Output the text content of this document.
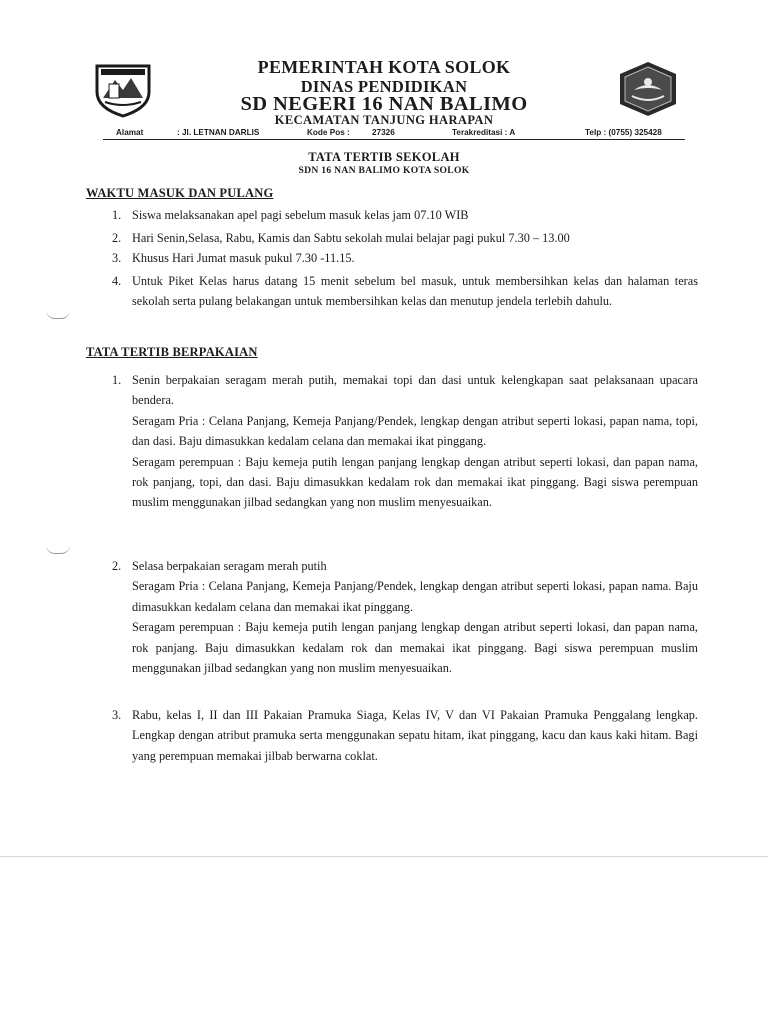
PEMERINTAH KOTA SOLOK
DINAS PENDIDIKAN
SD NEGERI 16 NAN BALIMO
KECAMATAN TANJUNG HARAPAN
Alamat	: Jl. LETNAN DARLIS	Kode Pos :	27326	Terakreditasi : A	Telp : (0755) 325428
TATA TERTIB SEKOLAH
SDN 16 NAN BALIMO KOTA SOLOK
WAKTU MASUK DAN PULANG
1. Siswa melaksanakan apel pagi sebelum masuk kelas jam 07.10 WIB
2. Hari Senin,Selasa, Rabu, Kamis dan Sabtu sekolah mulai belajar pagi pukul 7.30 – 13.00
3. Khusus Hari Jumat masuk pukul 7.30 -11.15.
4. Untuk Piket Kelas harus datang 15 menit sebelum bel masuk, untuk membersihkan kelas dan halaman teras sekolah serta pulang belakangan untuk membersihkan kelas dan menutup jendela terlebih dahulu.
TATA TERTIB BERPAKAIAN
1. Senin berpakaian seragam merah putih, memakai topi dan dasi untuk kelengkapan saat pelaksanaan upacara bendera.
Seragam Pria : Celana Panjang, Kemeja Panjang/Pendek, lengkap dengan atribut seperti lokasi, papan nama, topi, dan dasi. Baju dimasukkan kedalam celana dan memakai ikat pinggang.
Seragam perempuan : Baju kemeja putih lengan panjang lengkap dengan atribut seperti lokasi, dan papan nama, rok panjang, topi, dan dasi. Baju dimasukkan kedalam rok dan memakai ikat pinggang. Bagi siswa perempuan muslim menggunakan jilbad sedangkan yang non muslim menyesuaikan.
2. Selasa berpakaian seragam merah putih
Seragam Pria : Celana Panjang, Kemeja Panjang/Pendek, lengkap dengan atribut seperti lokasi, papan nama. Baju dimasukkan kedalam celana dan memakai ikat pinggang.
Seragam perempuan : Baju kemeja putih lengan panjang lengkap dengan atribut seperti lokasi, dan papan nama, rok panjang. Baju dimasukkan kedalam rok dan memakai ikat pinggang. Bagi siswa perempuan muslim menggunakan jilbad sedangkan yang non muslim menyesuaikan.
3. Rabu, kelas I, II dan III Pakaian Pramuka Siaga, Kelas IV, V dan VI Pakaian Pramuka Penggalang lengkap. Lengkap dengan atribut pramuka serta menggunakan sepatu hitam, ikat pinggang, kacu dan kaus kaki hitam. Bagi yang perempuan memakai jilbab berwarna coklat.
